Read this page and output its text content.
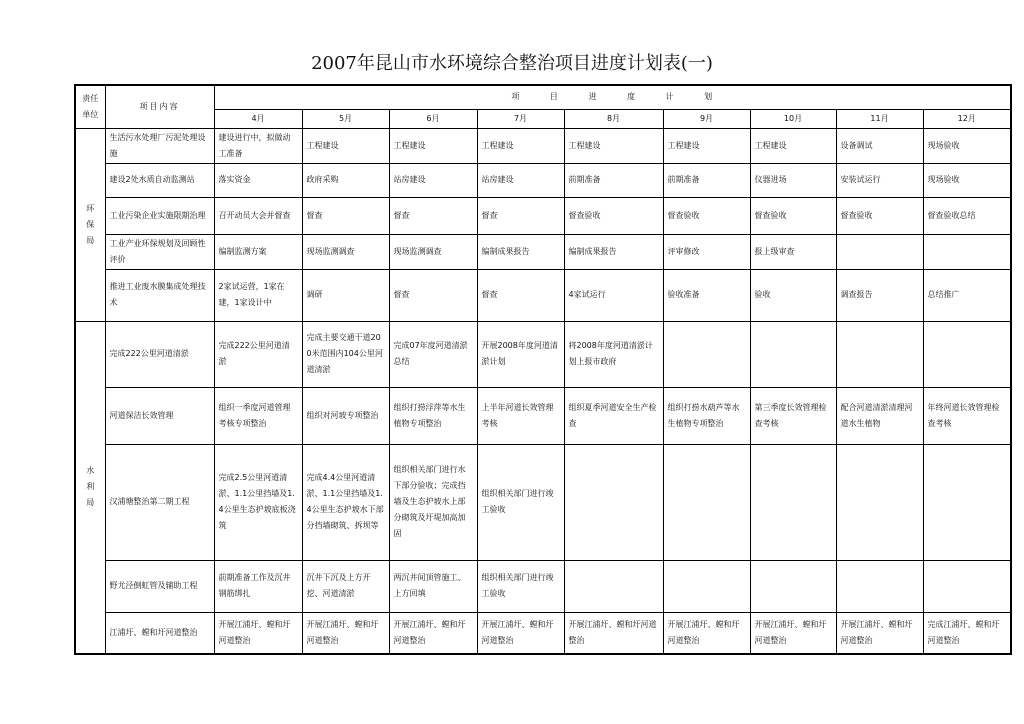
2007年昆山市水环境综合整治项目进度计划表(一)
责任单位	项目内容	项 目 进 度 计 划								
		4月	5月	6月	7月	8月	9月	10月	11月	12月
环
保
局	生活污水处理厂污泥处理设施	建设进行中，拟做动工准备	工程建设	工程建设	工程建设	工程建设	工程建设	工程建设	设备调试	现场验收
	建设2处水质自动监测站	落实资金	政府采购	站房建设	站房建设	前期准备	前期准备	仪器进场	安装试运行	现场验收
	工业污染企业实施限期治理	召开动员大会并督查	督查	督查	督查	督查验收	督查验收	督查验收	督查验收	督查验收总结
	工业产业环保规划及回顾性评价	编制监测方案	现场监测调查	现场监测调查	编制成果报告	编制成果报告	评审修改	报上级审查		
	推进工业废水膜集成处理技术	2家试运营，1家在建，1家设计中	调研	督查	督查	4家试运行	验收准备	验收	调查报告	总结推广
水
利
局	完成222公里河道清淤	完成222公里河道清淤	完成主要交通干道200米范围内104公里河道清淤	完成07年度河道清淤总结	开展2008年度河道清淤计划	将2008年度河道清淤计划上报市政府				
	河道保洁长效管理	组织一季度河道管理考核专项整治	组织对河坡专项整治	组织打捞浮萍等水生植物专项整治	上半年河道长效管理考核	组织夏季河道安全生产检查	组织打捞水葫芦等水生植物专项整治	第三季度长效管理检查考核	配合河道清淤清理河道水生植物	年终河道长效管理检查考核
	汉浦塘整治第二期工程	完成2.5公里河道清淤、1.1公里挡墙及1.4公里生态护坡底板浇筑	完成4.4公里河道清淤、1.1公里挡墙及1.4公里生态护坡水下部分挡墙砌筑、拆坝等	组织相关部门进行水下部分验收；完成挡墙及生态护坡水上部分砌筑及圩堤加高加固	组织相关部门进行竣工验收					
	野尤泾倒虹管及辅助工程	前期准备工作及沉井钢筋绑扎	沉井下沉及上方开挖、河道清淤	两沉井间顶管施工、上方回填	组织相关部门进行竣工验收					
	江浦圩、螳和圩河道整治	开展江浦圩、螳和圩河道整治	开展江浦圩、螳和圩河道整治	开展江浦圩、螳和圩河道整治	开展江浦圩、螳和圩河道整治	开展江浦圩、螳和圩河道整治	开展江浦圩、螳和圩河道整治	开展江浦圩、螳和圩河道整治	开展江浦圩、螳和圩河道整治	完成江浦圩、螳和圩河道整治
